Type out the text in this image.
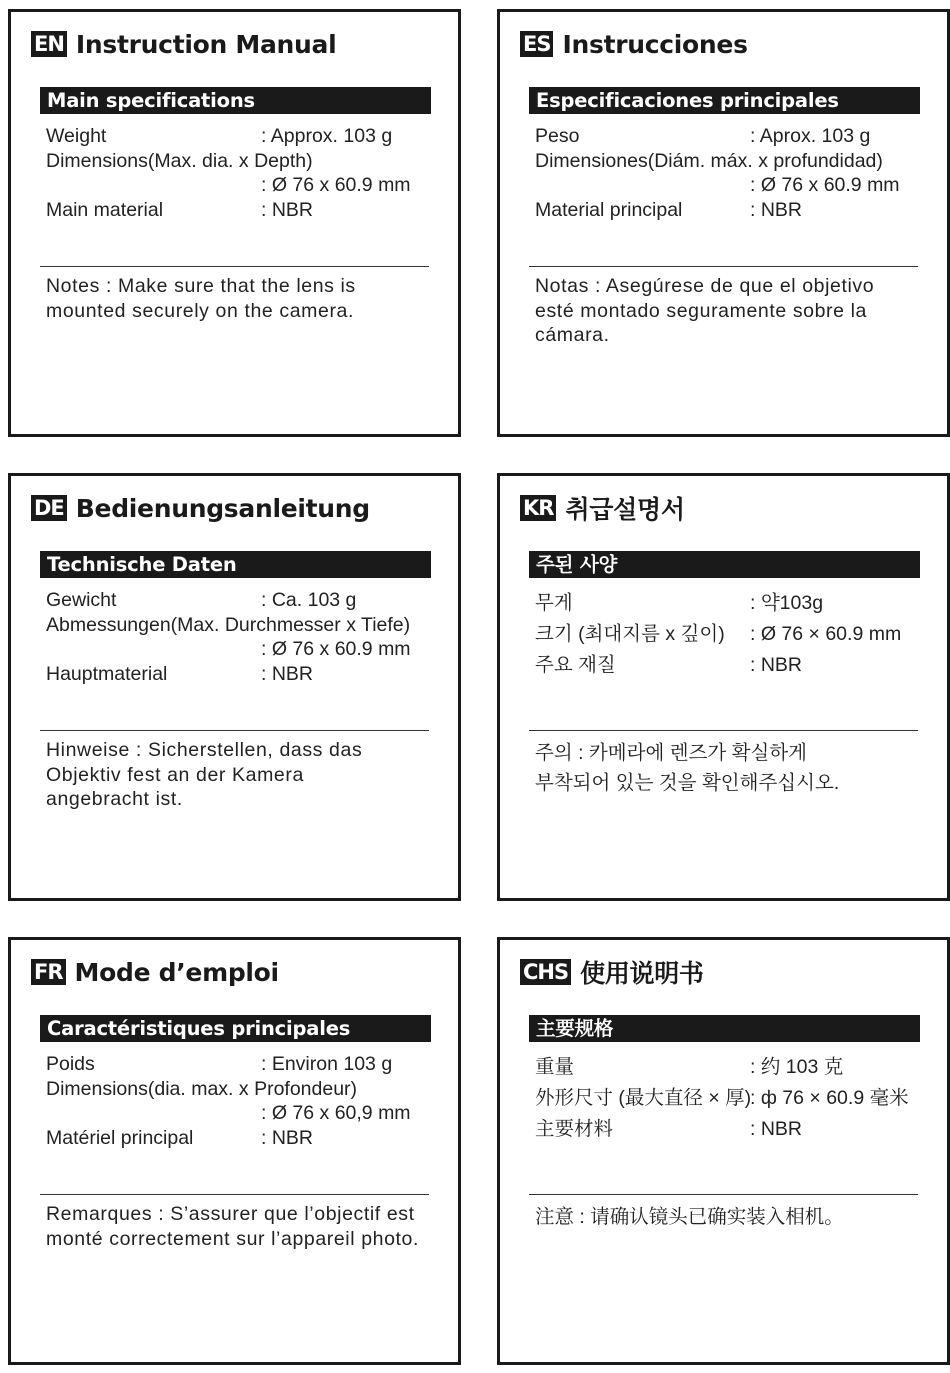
EN Instruction Manual
Main specifications
Weight	: Approx. 103 g
Dimensions(Max. dia. x Depth)
: Ø 76 x 60.9 mm
Main material	: NBR
Notes : Make sure that the lens is
mounted securely on the camera.
ES Instrucciones
Especificaciones principales
Peso	: Aprox. 103 g
Dimensiones(Diám. máx. x profundidad)
: Ø 76 x 60.9 mm
Material principal	: NBR
Notas : Asegúrese de que el objetivo
esté montado seguramente sobre la
cámara.
DE Bedienungsanleitung
Technische Daten
Gewicht	: Ca. 103 g
Abmessungen(Max. Durchmesser x Tiefe)
: Ø 76 x 60.9 mm
Hauptmaterial	: NBR
Hinweise : Sicherstellen, dass das
Objektiv fest an der Kamera
angebracht ist.
KR 취급설명서
주된 사양
무게	: 약103g
크기 (최대지름 x 깊이) : Ø 76 × 60.9 mm
주요 재질	: NBR
주의 : 카메라에 렌즈가 확실하게
부착되어 있는 것을 확인해주십시오.
FR Mode d’emploi
Caractéristiques principales
Poids	: Environ 103 g
Dimensions(dia. max. x Profondeur)
: Ø 76 x 60,9 mm
Matériel principal	: NBR
Remarques : S’assurer que l’objectif est
monté correctement sur l’appareil photo.
CHS 使用说明书
主要规格
重量	: 约 103 克
外形尺寸 (最大直径 × 厚)
: ф 76 × 60.9 毫米
主要材料	: NBR
注意 : 请确认镜头已确实装入相机。
